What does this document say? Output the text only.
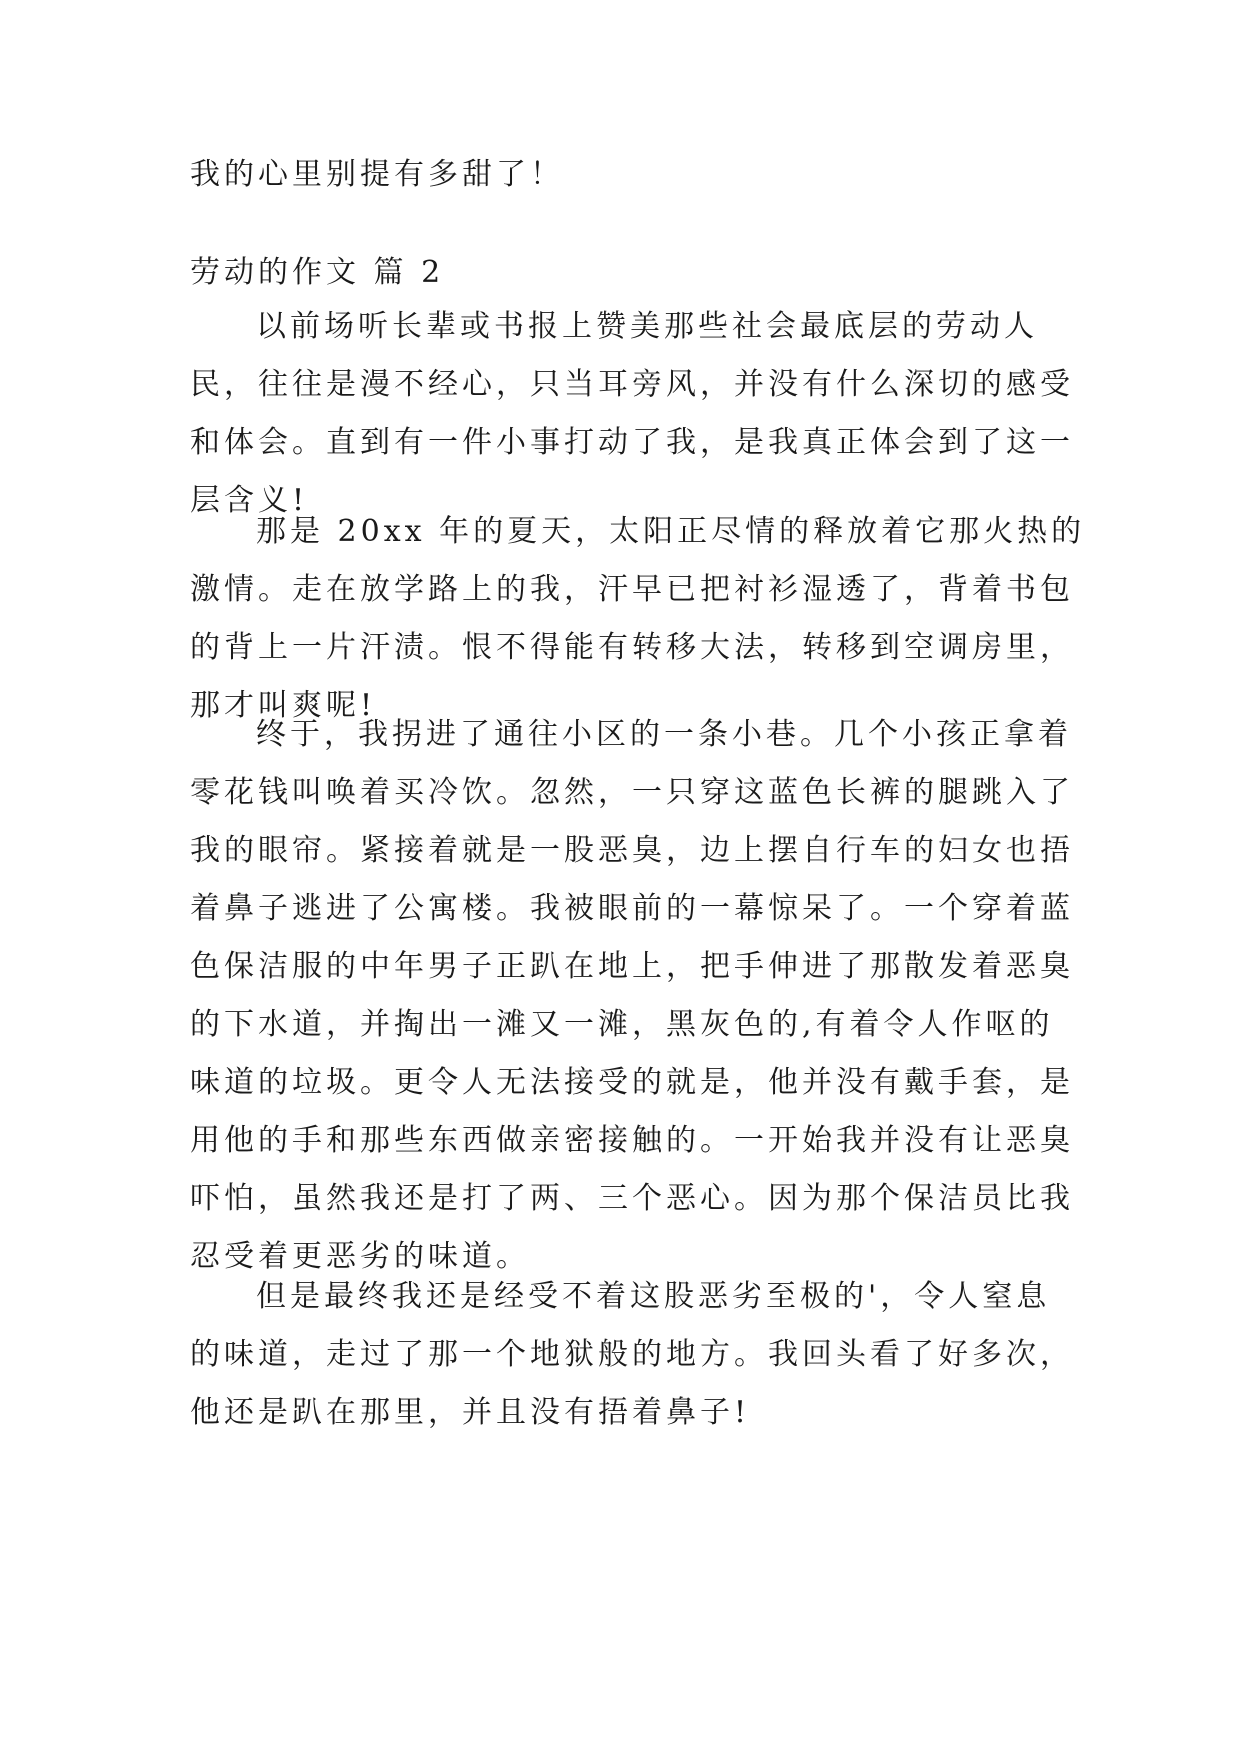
我的心里别提有多甜了！
劳动的作文 篇 2
以前场听长辈或书报上赞美那些社会最底层的劳动人
民，往往是漫不经心，只当耳旁风，并没有什么深切的感受
和体会。直到有一件小事打动了我，是我真正体会到了这一
层含义!
那是 20xx 年的夏天，太阳正尽情的释放着它那火热的
激情。走在放学路上的我，汗早已把衬衫湿透了，背着书包
的背上一片汗渍。恨不得能有转移大法，转移到空调房里，
那才叫爽呢!
终于，我拐进了通往小区的一条小巷。几个小孩正拿着
零花钱叫唤着买冷饮。忽然，一只穿这蓝色长裤的腿跳入了
我的眼帘。紧接着就是一股恶臭，边上摆自行车的妇女也捂
着鼻子逃进了公寓楼。我被眼前的一幕惊呆了。一个穿着蓝
色保洁服的中年男子正趴在地上，把手伸进了那散发着恶臭
的下水道，并掏出一滩又一滩，黑灰色的,有着令人作呕的
味道的垃圾。更令人无法接受的就是，他并没有戴手套，是
用他的手和那些东西做亲密接触的。一开始我并没有让恶臭
吓怕，虽然我还是打了两、三个恶心。因为那个保洁员比我
忍受着更恶劣的味道。
但是最终我还是经受不着这股恶劣至极的'，令人窒息
的味道，走过了那一个地狱般的地方。我回头看了好多次，
他还是趴在那里，并且没有捂着鼻子!
